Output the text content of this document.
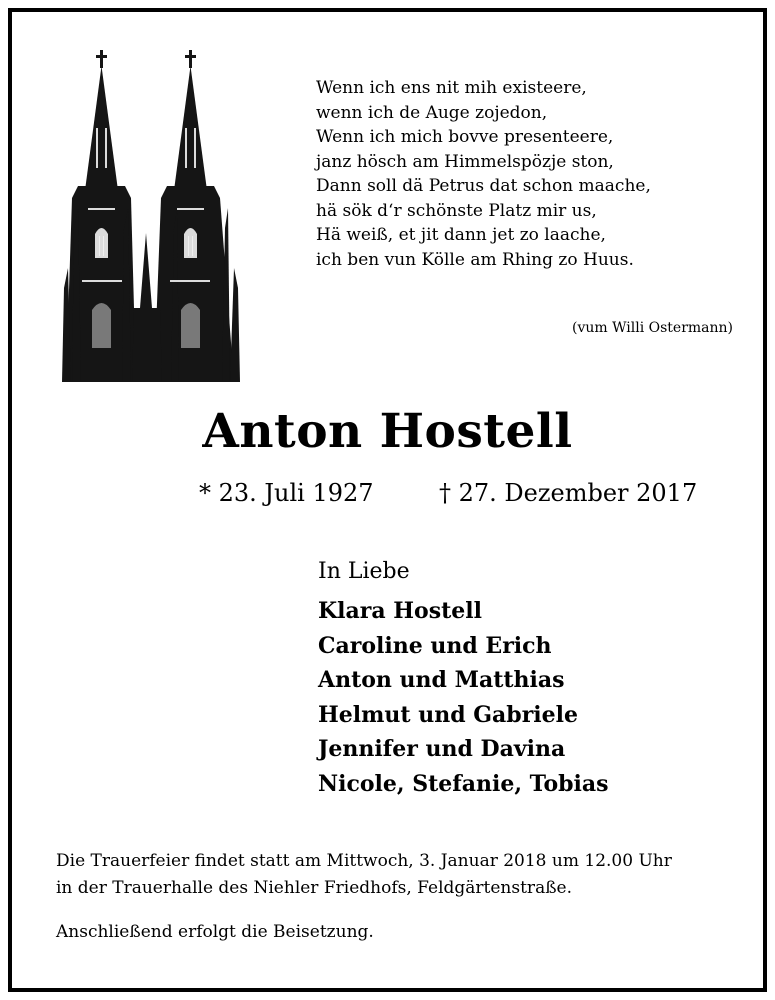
Wenn ich ens nit mih existeere,
wenn ich de Auge zojedon,
Wenn ich mich bovve presenteere,
janz hösch am Himmelspözje ston,
Dann soll dä Petrus dat schon maache,
hä sök d‘r schönste Platz mir us,
Hä weiß, et jit dann jet zo laache,
ich ben vun Kölle am Rhing zo Huus.
(vum Willi Ostermann)
Anton Hostell
* 23. Juli 1927	† 27. Dezember 2017
In Liebe
Klara Hostell
Caroline und Erich
Anton und Matthias
Helmut und Gabriele
Jennifer und Davina
Nicole, Stefanie, Tobias
Die Trauerfeier findet statt am Mittwoch, 3. Januar 2018 um 12.00 Uhr
in der Trauerhalle des Niehler Friedhofs, Feldgärtenstraße.
Anschließend erfolgt die Beisetzung.
